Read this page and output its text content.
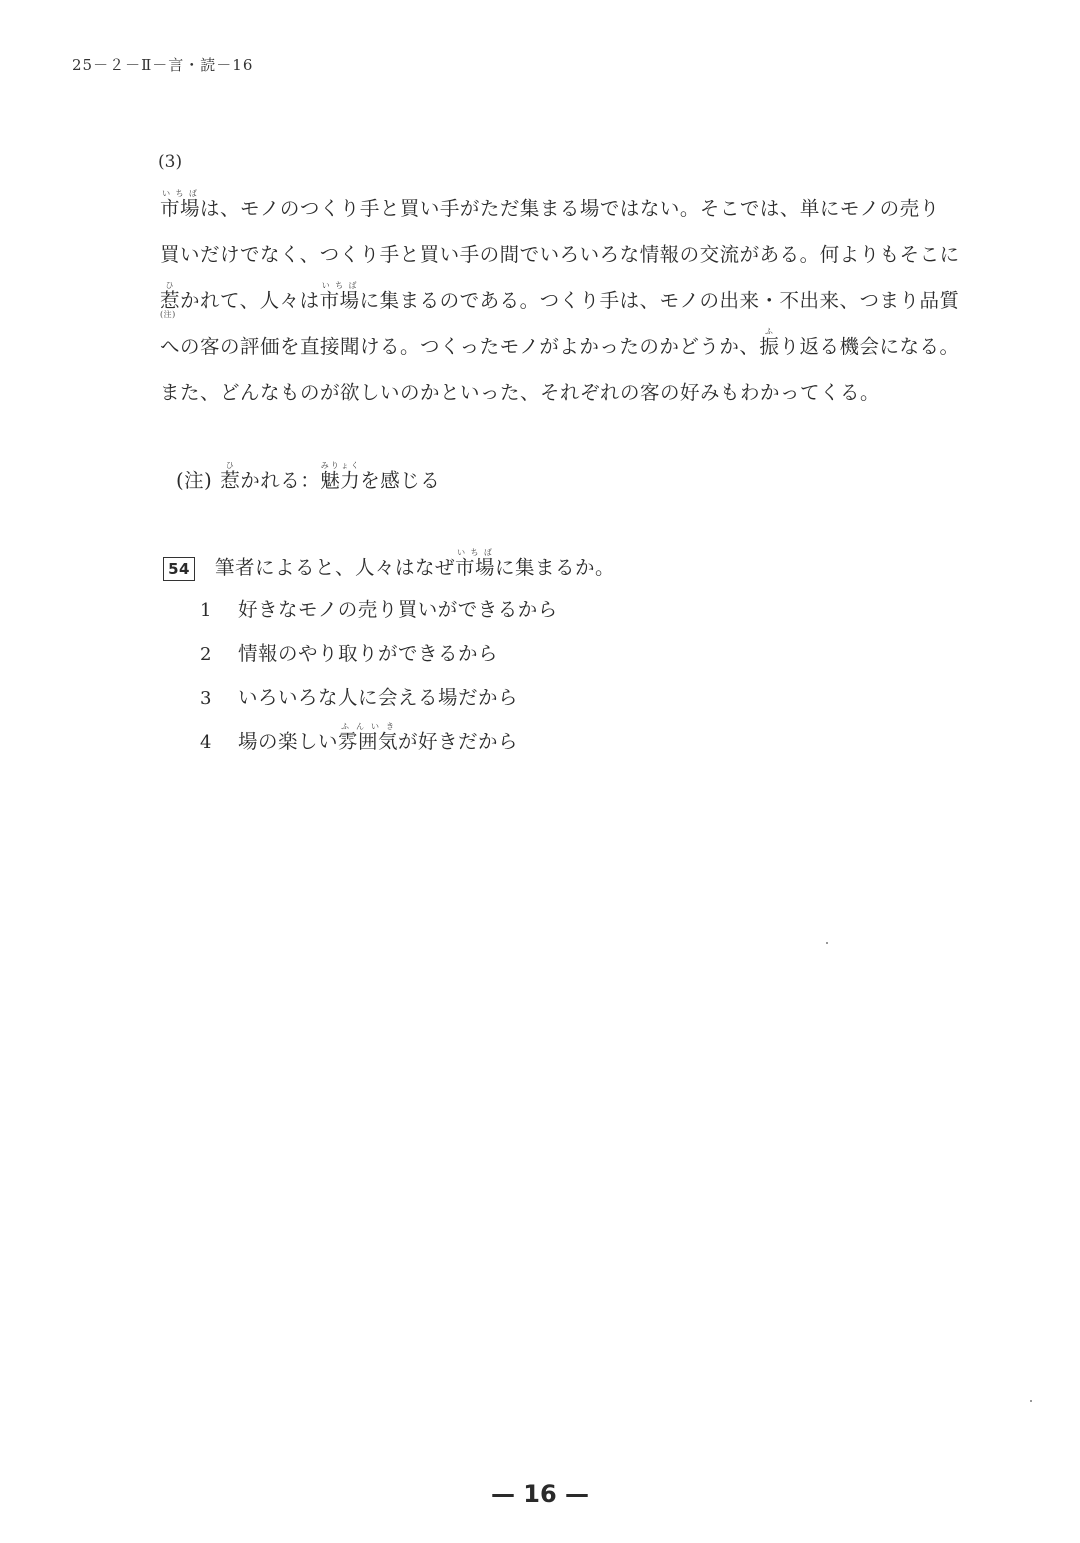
25－２－Ⅱ－言・読－16
(3)
市場いちばは、モノのつくり手と買い手がただ集まる場ではない。そこでは、単にモノの売り
買いだけでなく、つくり手と買い手の間でいろいろな情報の交流がある。何よりもそこに
惹ひ
(注)
かれて、人々は市場いちばに集まるのである。つくり手は、モノの出来・不出来、つまり品質
への客の評価を直接聞ける。つくったモノがよかったのかどうか、振ふり返る機会になる。
また、どんなものが欲しいのかといった、それぞれの客の好みもわかってくる。
(注) 惹ひかれる：魅力みりょくを感じる
54 筆者によると、人々はなぜ市場いちばに集まるか。
1 好きなモノの売り買いができるから
2 情報のやり取りができるから
3 いろいろな人に会える場だから
4 場の楽しい雰囲気ふんいきが好きだから
— 16 —
